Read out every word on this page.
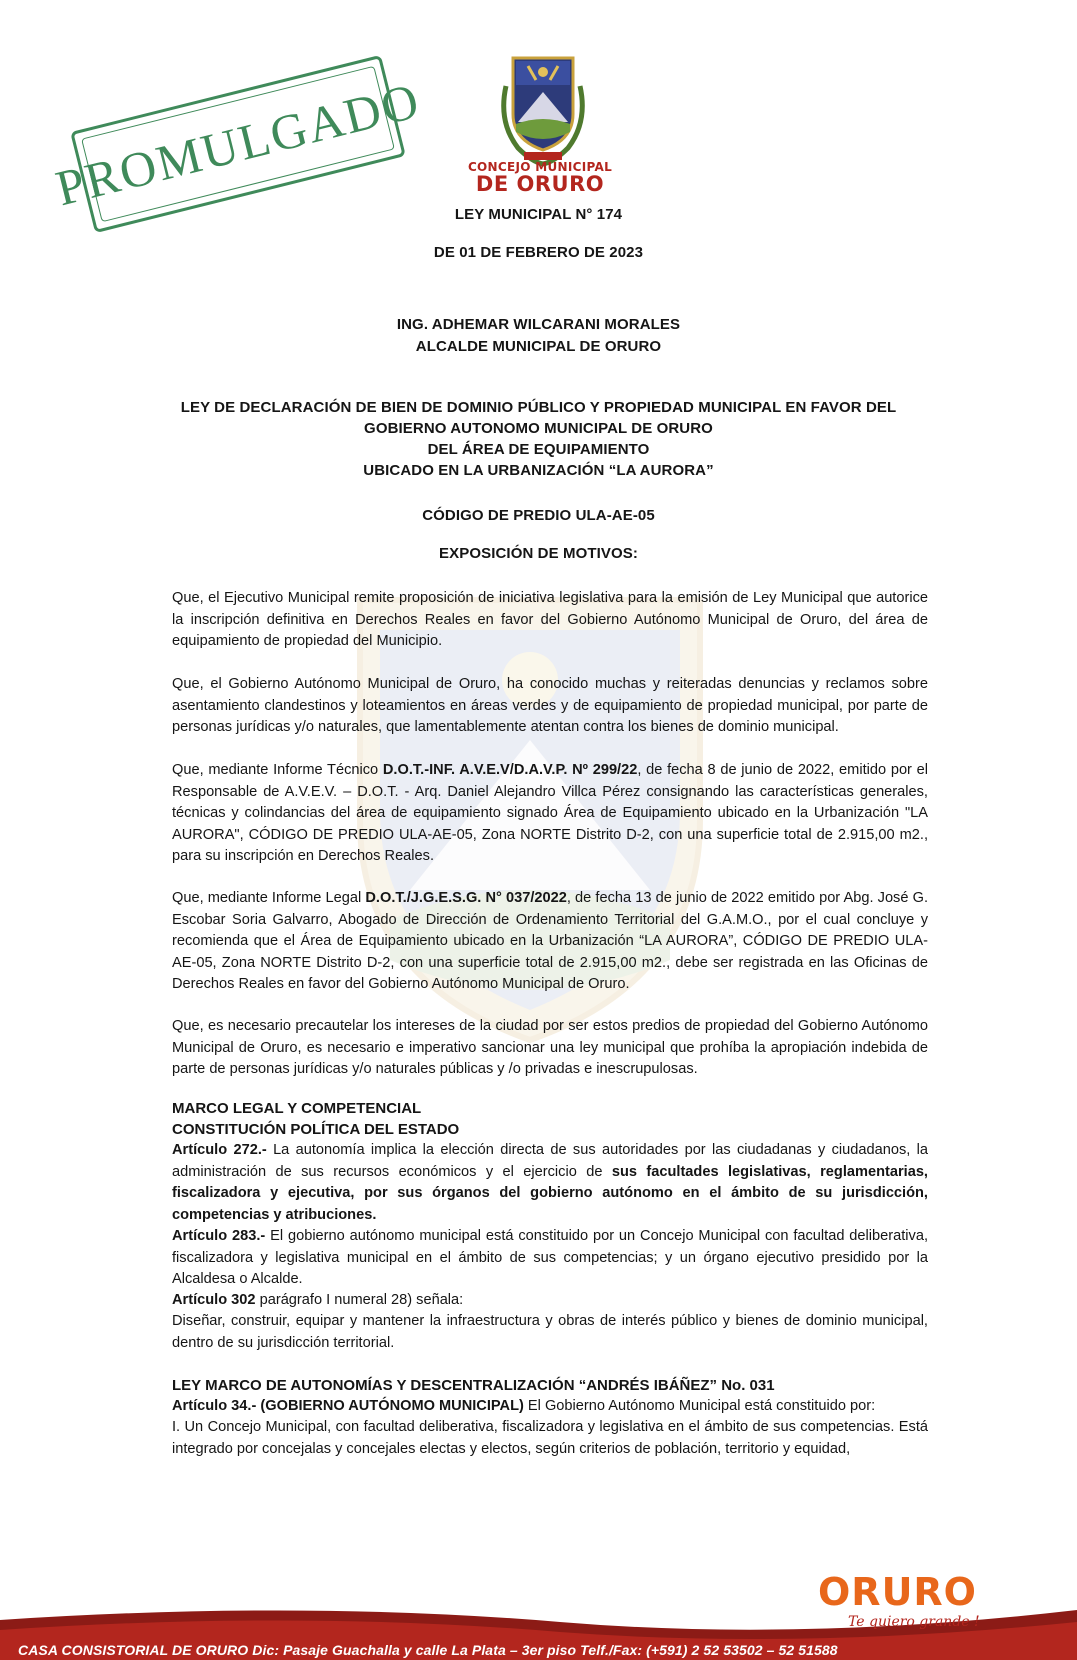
PROMULGADO	CONCEJO MUNICIPAL
DE ORURO
LEY MUNICIPAL N° 174
DE 01 DE FEBRERO DE 2023
ING. ADHEMAR WILCARANI MORALES
ALCALDE MUNICIPAL DE ORURO
LEY DE DECLARACIÓN DE BIEN DE DOMINIO PÚBLICO Y PROPIEDAD MUNICIPAL EN FAVOR DEL
GOBIERNO AUTONOMO MUNICIPAL DE ORURO
DEL ÁREA DE EQUIPAMIENTO
UBICADO EN LA URBANIZACIÓN “LA AURORA”
CÓDIGO DE PREDIO ULA-AE-05
EXPOSICIÓN DE MOTIVOS:
Que, el Ejecutivo Municipal remite proposición de iniciativa legislativa para la emisión de Ley Municipal que autorice la inscripción definitiva en Derechos Reales en favor del Gobierno Autónomo Municipal de Oruro, del área de equipamiento de propiedad del Municipio.
Que, el Gobierno Autónomo Municipal de Oruro, ha conocido muchas y reiteradas denuncias y reclamos sobre asentamiento clandestinos y loteamientos en áreas verdes y de equipamiento de propiedad municipal, por parte de personas jurídicas y/o naturales, que lamentablemente atentan contra los bienes de dominio municipal.
Que, mediante Informe Técnico D.O.T.-INF. A.V.E.V/D.A.V.P. Nº 299/22, de fecha 8 de junio de 2022, emitido por el Responsable de A.V.E.V. – D.O.T. - Arq. Daniel Alejandro Villca Pérez consignando las características generales, técnicas y colindancias del área de equipamiento signado Área de Equipamiento ubicado en la Urbanización "LA AURORA", CÓDIGO DE PREDIO ULA-AE-05, Zona NORTE Distrito D-2, con una superficie total de 2.915,00 m2., para su inscripción en Derechos Reales.
Que, mediante Informe Legal D.O.T./J.G.E.S.G. N° 037/2022, de fecha 13 de junio de 2022 emitido por Abg. José G. Escobar Soria Galvarro, Abogado de Dirección de Ordenamiento Territorial del G.A.M.O., por el cual concluye y recomienda que el Área de Equipamiento ubicado en la Urbanización “LA AURORA”, CÓDIGO DE PREDIO ULA-AE-05, Zona NORTE Distrito D-2, con una superficie total de 2.915,00 m2., debe ser registrada en las Oficinas de Derechos Reales en favor del Gobierno Autónomo Municipal de Oruro.
Que, es necesario precautelar los intereses de la ciudad por ser estos predios de propiedad del Gobierno Autónomo Municipal de Oruro, es necesario e imperativo sancionar una ley municipal que prohíba la apropiación indebida de parte de personas jurídicas y/o naturales públicas y /o privadas e inescrupulosas.
MARCO LEGAL Y COMPETENCIAL
CONSTITUCIÓN POLÍTICA DEL ESTADO
Artículo 272.- La autonomía implica la elección directa de sus autoridades por las ciudadanas y ciudadanos, la administración de sus recursos económicos y el ejercicio de sus facultades legislativas, reglamentarias, fiscalizadora y ejecutiva, por sus órganos del gobierno autónomo en el ámbito de su jurisdicción, competencias y atribuciones.
Artículo 283.- El gobierno autónomo municipal está constituido por un Concejo Municipal con facultad deliberativa, fiscalizadora y legislativa municipal en el ámbito de sus competencias; y un órgano ejecutivo presidido por la Alcaldesa o Alcalde.
Artículo 302 parágrafo I numeral 28) señala:
Diseñar, construir, equipar y mantener la infraestructura y obras de interés público y bienes de dominio municipal, dentro de su jurisdicción territorial.
LEY MARCO DE AUTONOMÍAS Y DESCENTRALIZACIÓN “ANDRÉS IBÁÑEZ” No. 031
Artículo 34.- (GOBIERNO AUTÓNOMO MUNICIPAL) El Gobierno Autónomo Municipal está constituido por:
I. Un Concejo Municipal, con facultad deliberativa, fiscalizadora y legislativa en el ámbito de sus competencias. Está integrado por concejalas y concejales electas y electos, según criterios de población, territorio y equidad,
ORURO
Te quiero grande !
CASA CONSISTORIAL DE ORURO Dic: Pasaje Guachalla y calle La Plata – 3er piso Telf./Fax: (+591) 2 52 53502 – 52 51588
